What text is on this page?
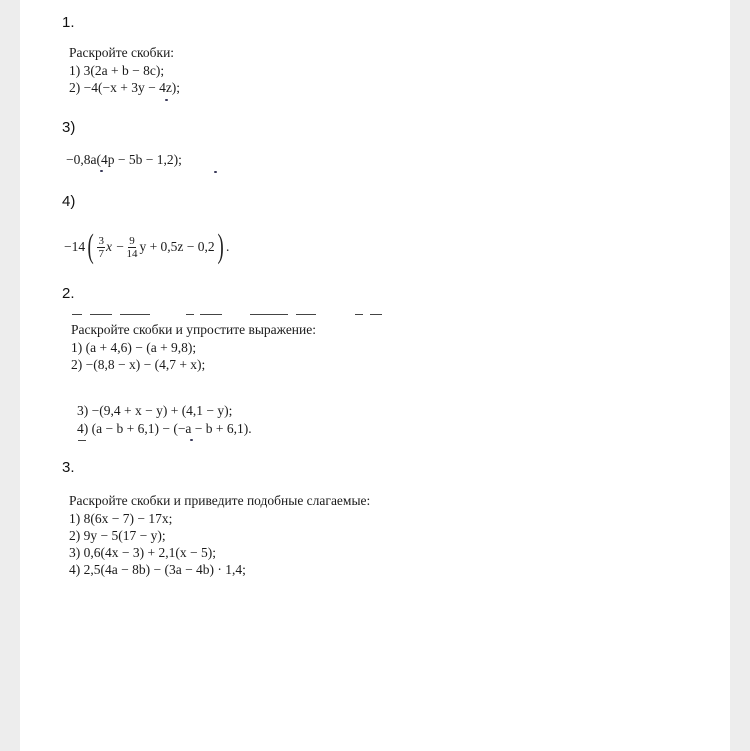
1.
Раскройте скобки:
1) 3(2a + b − 8c);
2) −4(−x + 3y − 4z);
3)
−0,8a(4p − 5b − 1,2);
4)
−14 ( $\frac{3}{7}$ $x - \frac{9}{14}$ y + 0,5z − 0,2 ) .
2.
Раскройте скобки и упростите выражение:
1) (a + 4,6) − (a + 9,8);
2) −(8,8 − x) − (4,7 + x);
3) −(9,4 + x − y) + (4,1 − y);
4) (a − b + 6,1) − (−a − b + 6,1).
3.
Раскройте скобки и приведите подобные слагаемые:
1) 8(6x − 7) − 17x;
2) 9y − 5(17 − y);
3) 0,6(4x − 3) + 2,1(x − 5);
4) 2,5(4a − 8b) − (3a − 4b) · 1,4;
